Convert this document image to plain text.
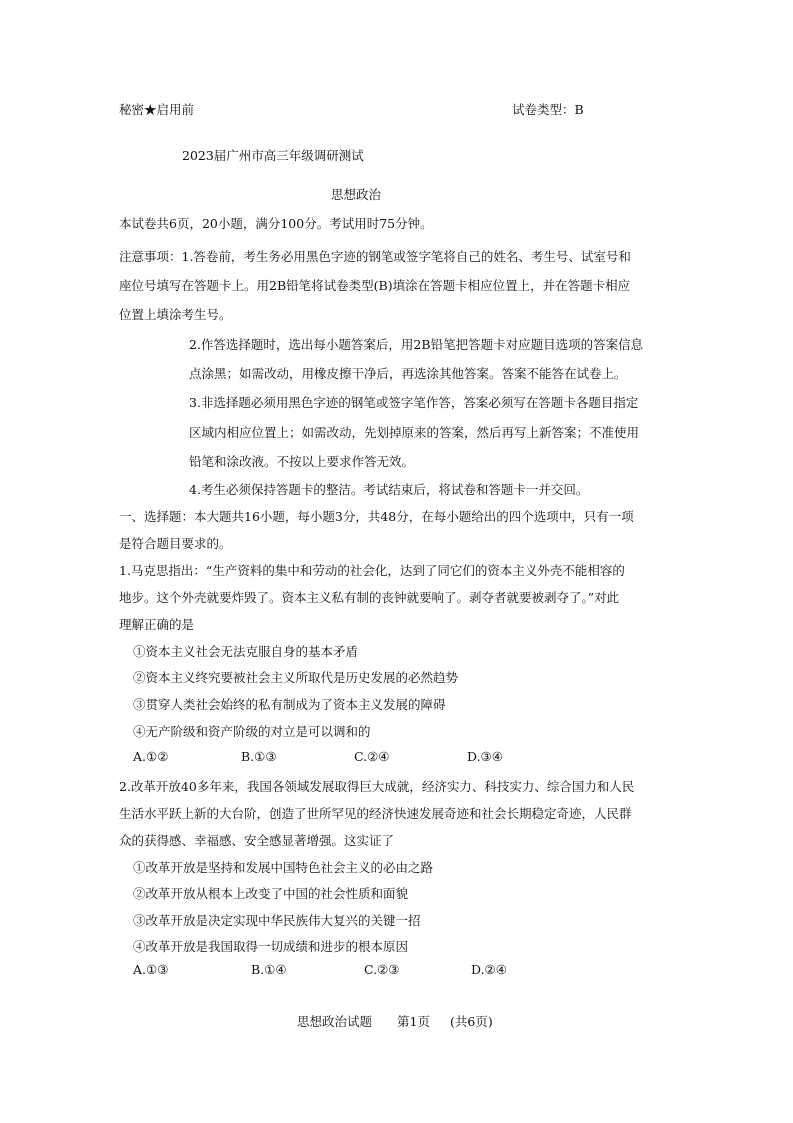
秘密★启用前	试卷类型：B
2023届广州市高三年级调研测试
思想政治
本试卷共6页，20小题，满分100分。考试用时75分钟。
注意事项：1.答卷前，考生务必用黑色字迹的钢笔或签字笔将自己的姓名、考生号、试室号和
座位号填写在答题卡上。用2B铅笔将试卷类型(B)填涂在答题卡相应位置上，并在答题卡相应
位置上填涂考生号。
2.作答选择题时，选出每小题答案后，用2B铅笔把答题卡对应题目选项的答案信息
点涂黑；如需改动，用橡皮擦干净后，再选涂其他答案。答案不能答在试卷上。
3.非选择题必须用黑色字迹的钢笔或签字笔作答，答案必须写在答题卡各题目指定
区域内相应位置上；如需改动，先划掉原来的答案，然后再写上新答案；不准使用
铅笔和涂改液。不按以上要求作答无效。
4.考生必须保持答题卡的整洁。考试结束后，将试卷和答题卡一并交回。
一、选择题：本大题共16小题，每小题3分，共48分，在每小题给出的四个选项中，只有一项
是符合题目要求的。
1.马克思指出：“生产资料的集中和劳动的社会化，达到了同它们的资本主义外壳不能相容的
地步。这个外壳就要炸毁了。资本主义私有制的丧钟就要响了。剥夺者就要被剥夺了。”对此
理解正确的是
①资本主义社会无法克服自身的基本矛盾
②资本主义终究要被社会主义所取代是历史发展的必然趋势
③贯穿人类社会始终的私有制成为了资本主义发展的障碍
④无产阶级和资产阶级的对立是可以调和的
A.①②	B.①③	C.②④	D.③④
2.改革开放40多年来，我国各领域发展取得巨大成就，经济实力、科技实力、综合国力和人民
生活水平跃上新的大台阶，创造了世所罕见的经济快速发展奇迹和社会长期稳定奇迹，人民群
众的获得感、幸福感、安全感显著增强。这实证了
①改革开放是坚持和发展中国特色社会主义的必由之路
②改革开放从根本上改变了中国的社会性质和面貌
③改革开放是决定实现中华民族伟大复兴的关键一招
④改革开放是我国取得一切成绩和进步的根本原因
A.①③	B.①④	C.②③	D.②④
思想政治试题 第1页 (共6页)
